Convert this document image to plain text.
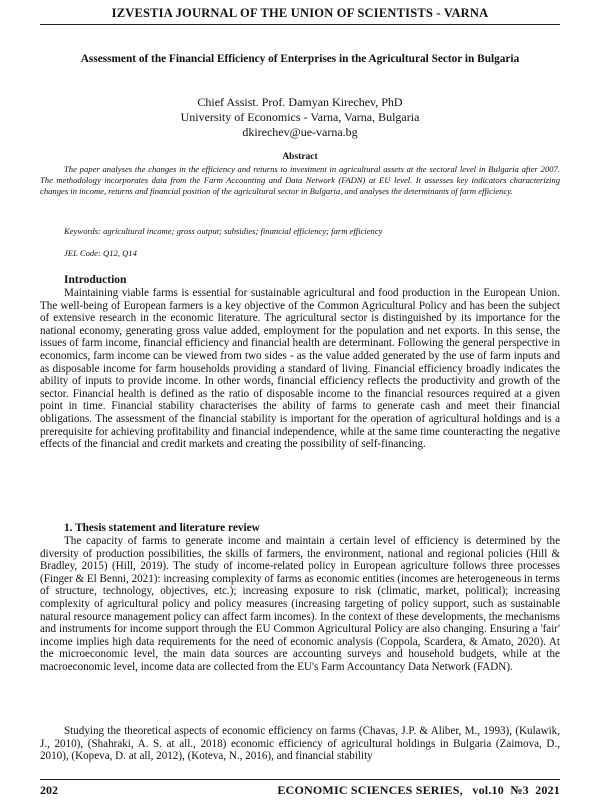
IZVESTIA JOURNAL OF THE UNION OF SCIENTISTS - VARNA
Assessment of the Financial Efficiency of Enterprises in the Agricultural Sector in Bulgaria
Chief Assist. Prof. Damyan Kirechev, PhD
University of Economics - Varna, Varna, Bulgaria
dkirechev@ue-varna.bg
Abstract

The paper analyses the changes in the efficiency and returns to investment in agricultural assets at the sectoral level in Bulgaria after 2007. The methodology incorporates data from the Farm Accounting and Data Network (FADN) at EU level. It assesses key indicators characterizing changes in income, returns and financial position of the agricultural sector in Bulgaria, and analyses the determinants of farm efficiency.

Keywords: agricultural income; gross output; subsidies; financial efficiency; farm efficiency
JEL Code: Q12, Q14
Introduction

Maintaining viable farms is essential for sustainable agricultural and food production in the European Union. The well-being of European farmers is a key objective of the Common Agricultural Policy and has been the subject of extensive research in the economic literature. The agricultural sector is distinguished by its importance for the national economy, generating gross value added, employment for the population and net exports. In this sense, the issues of farm income, financial efficiency and financial health are determinant. Following the general perspective in economics, farm income can be viewed from two sides - as the value added generated by the use of farm inputs and as disposable income for farm households providing a standard of living. Financial efficiency broadly indicates the ability of inputs to provide income. In other words, financial efficiency reflects the productivity and growth of the sector. Financial health is defined as the ratio of disposable income to the financial resources required at a given point in time. Financial stability characterises the ability of farms to generate cash and meet their financial obligations. The assessment of the financial stability is important for the operation of agricultural holdings and is a prerequisite for achieving profitability and financial independence, while at the same time counteracting the negative effects of the financial and credit markets and creating the possibility of self-financing.

1. Thesis statement and literature review

The capacity of farms to generate income and maintain a certain level of efficiency is determined by the diversity of production possibilities, the skills of farmers, the environment, national and regional policies (Hill & Bradley, 2015) (Hill, 2019). The study of income-related policy in European agriculture follows three processes (Finger & El Benni, 2021): increasing complexity of farms as economic entities (incomes are heterogeneous in terms of structure, technology, objectives, etc.); increasing exposure to risk (climatic, market, political); increasing complexity of agricultural policy and policy measures (increasing targeting of policy support, such as sustainable natural resource management policy can affect farm incomes). In the context of these developments, the mechanisms and instruments for income support through the EU Common Agricultural Policy are also changing. Ensuring a 'fair' income implies high data requirements for the need of economic analysis (Coppola, Scardera, & Amato, 2020). At the microeconomic level, the main data sources are accounting surveys and household budgets, while at the macroeconomic level, income data are collected from the EU's Farm Accountancy Data Network (FADN).

Studying the theoretical aspects of economic efficiency on farms (Chavas, J.P. & Aliber, M., 1993), (Kulawik, J., 2010), (Shahraki, A. S. at all., 2018) economic efficiency of agricultural holdings in Bulgaria (Zaimova, D., 2010), (Kopeva, D. at all, 2012), (Koteva, N., 2016), and financial stability

202	ECONOMIC SCIENCES SERIES,   vol.10  №3  2021
